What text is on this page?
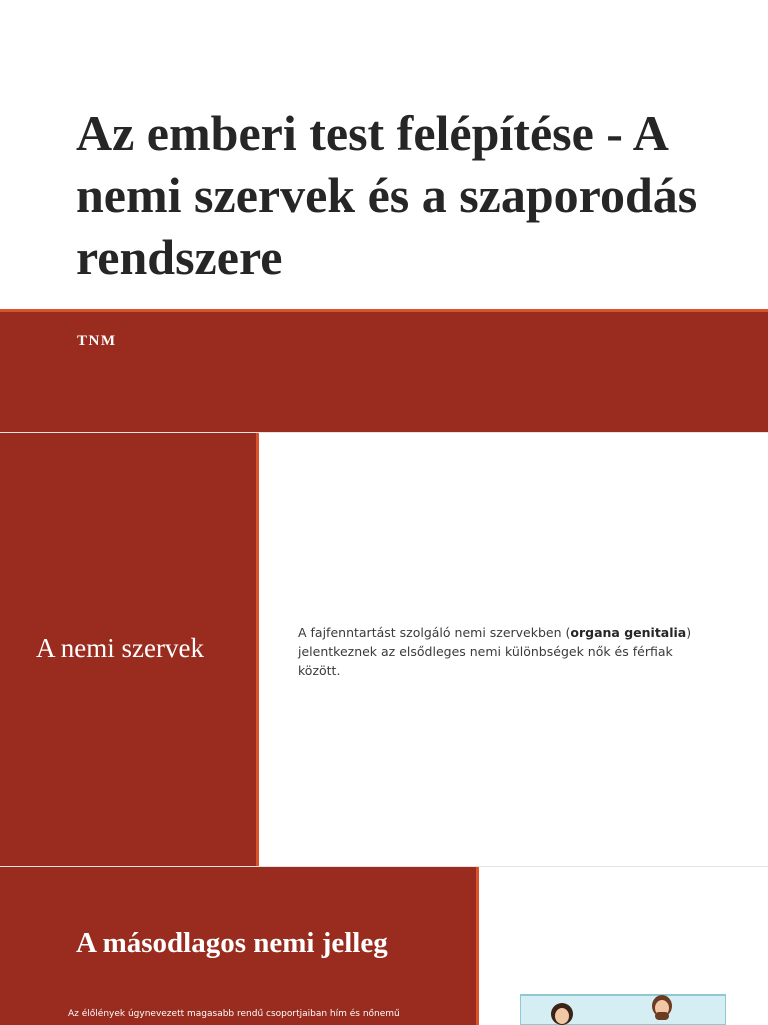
Az emberi test felépítése - A nemi szervek és a szaporodás rendszere
TNM
A nemi szervek
A fajfenntartást szolgáló nemi szervekben (organa genitalia) jelentkeznek az elsődleges nemi különbségek nők és férfiak között.
A másodlagos nemi jelleg
Az élőlények úgynevezett magasabb rendű csoportjaiban hím és nőnemű
